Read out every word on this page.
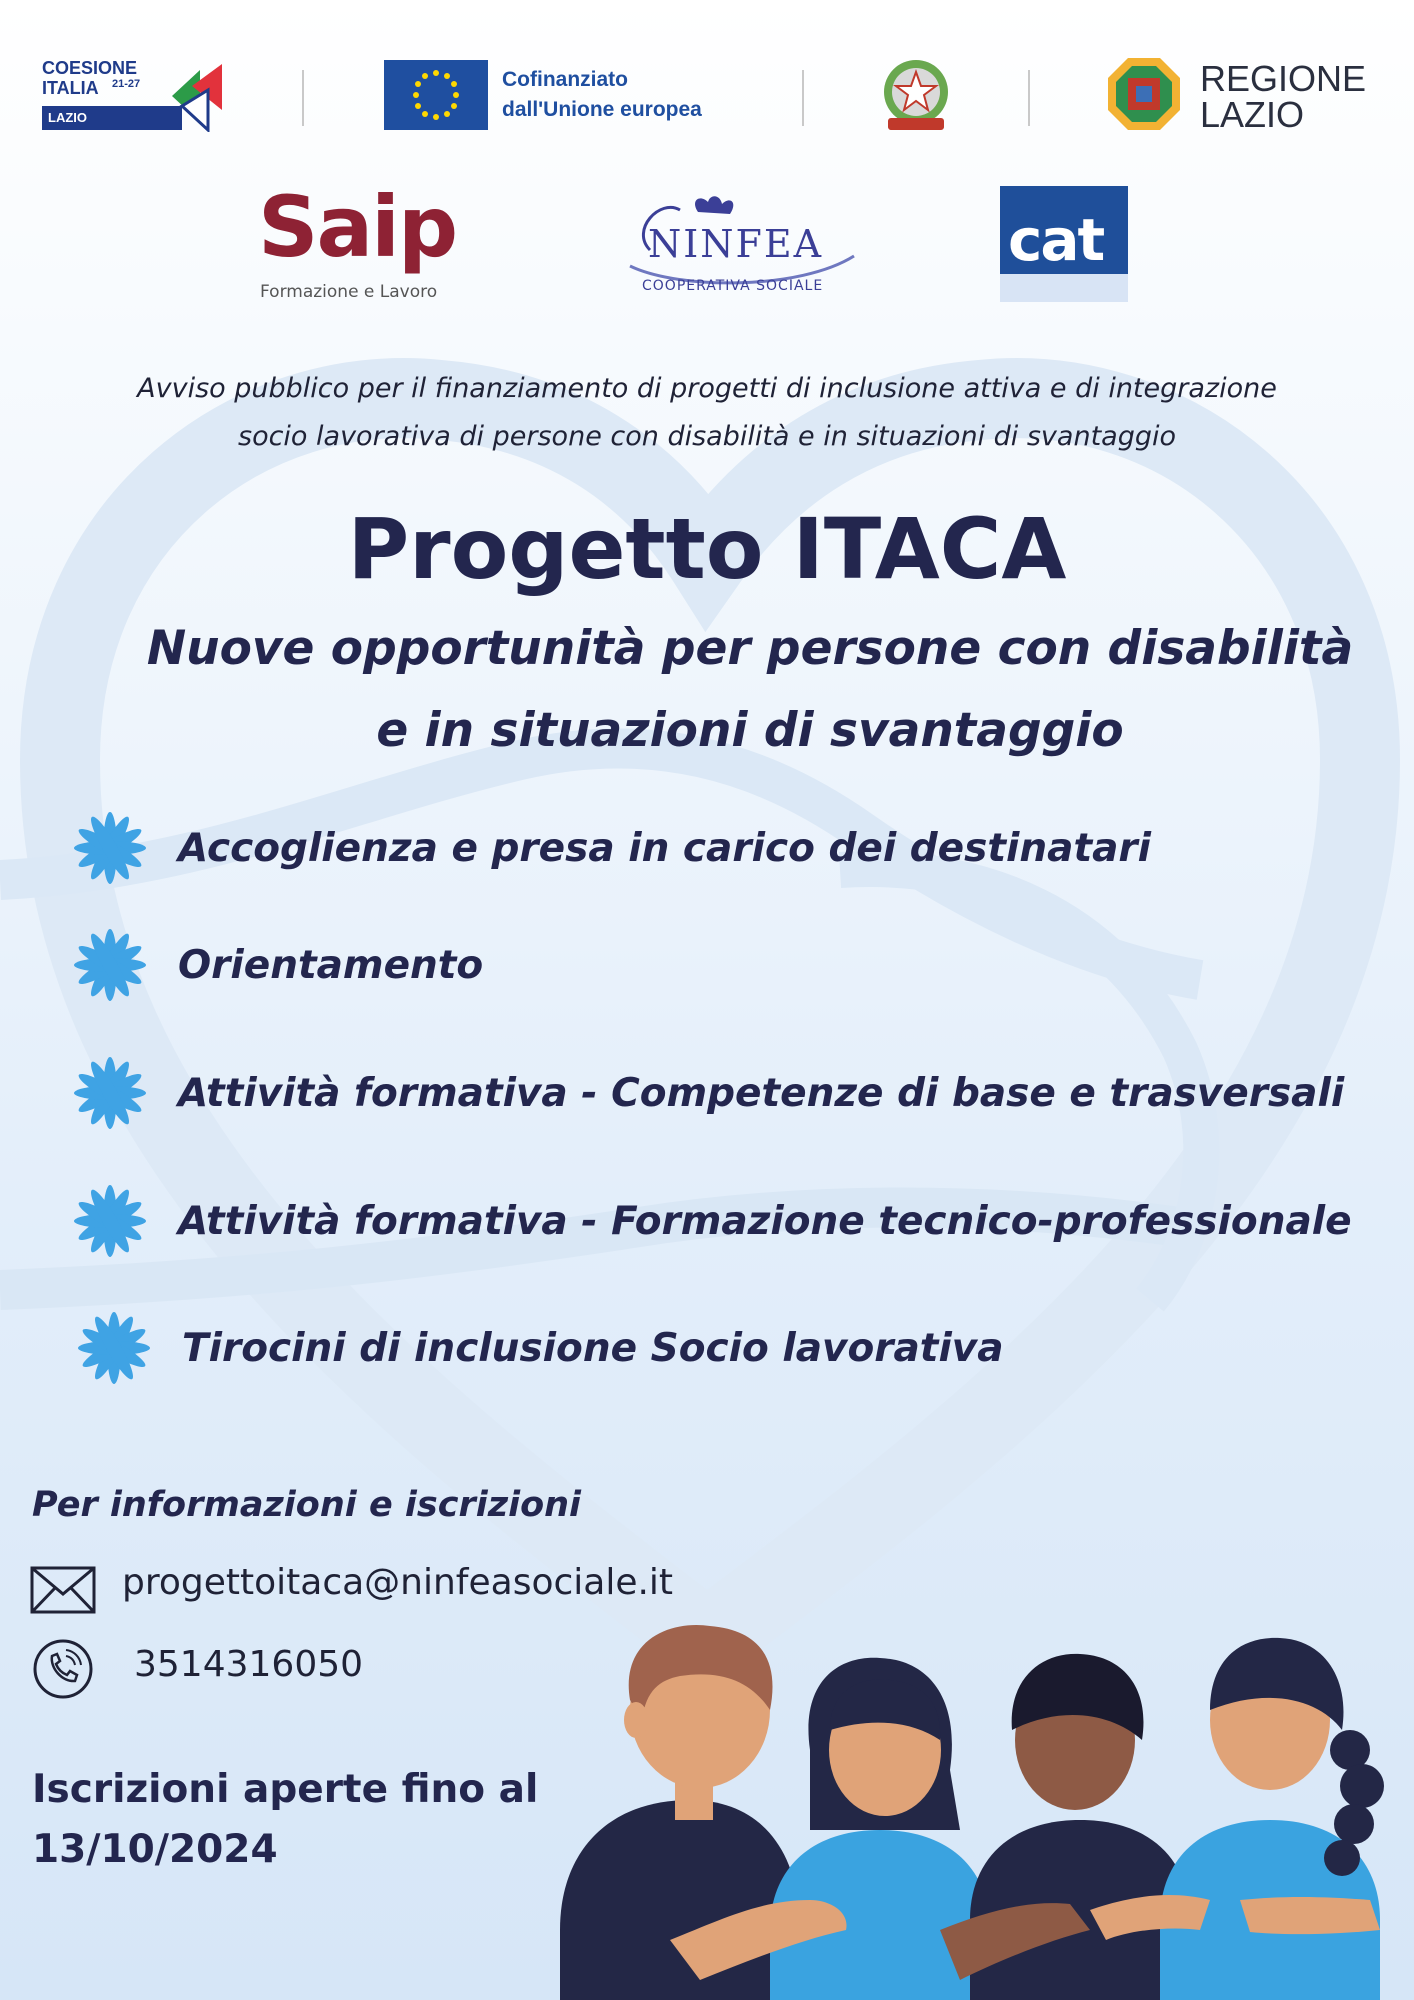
COESIONE
ITALIA 21-27
LAZIO
Cofinanziato
dall'Unione europea
REGIONE
LAZIO
Saip
Formazione e Lavoro
NINFEA
COOPERATIVA SOCIALE
cat
Avviso pubblico per il finanziamento di progetti di inclusione attiva e di integrazione
socio lavorativa di persone con disabilità e in situazioni di svantaggio
Progetto ITACA
Nuove opportunità per persone con disabilità
e in situazioni di svantaggio
Accoglienza e presa in carico dei destinatari
Orientamento
Attività formativa - Competenze di base e trasversali
Attività formativa - Formazione tecnico-professionale
Tirocini di inclusione Socio lavorativa
Per informazioni e iscrizioni
progettoitaca@ninfeasociale.it
3514316050
Iscrizioni aperte fino al
13/10/2024
